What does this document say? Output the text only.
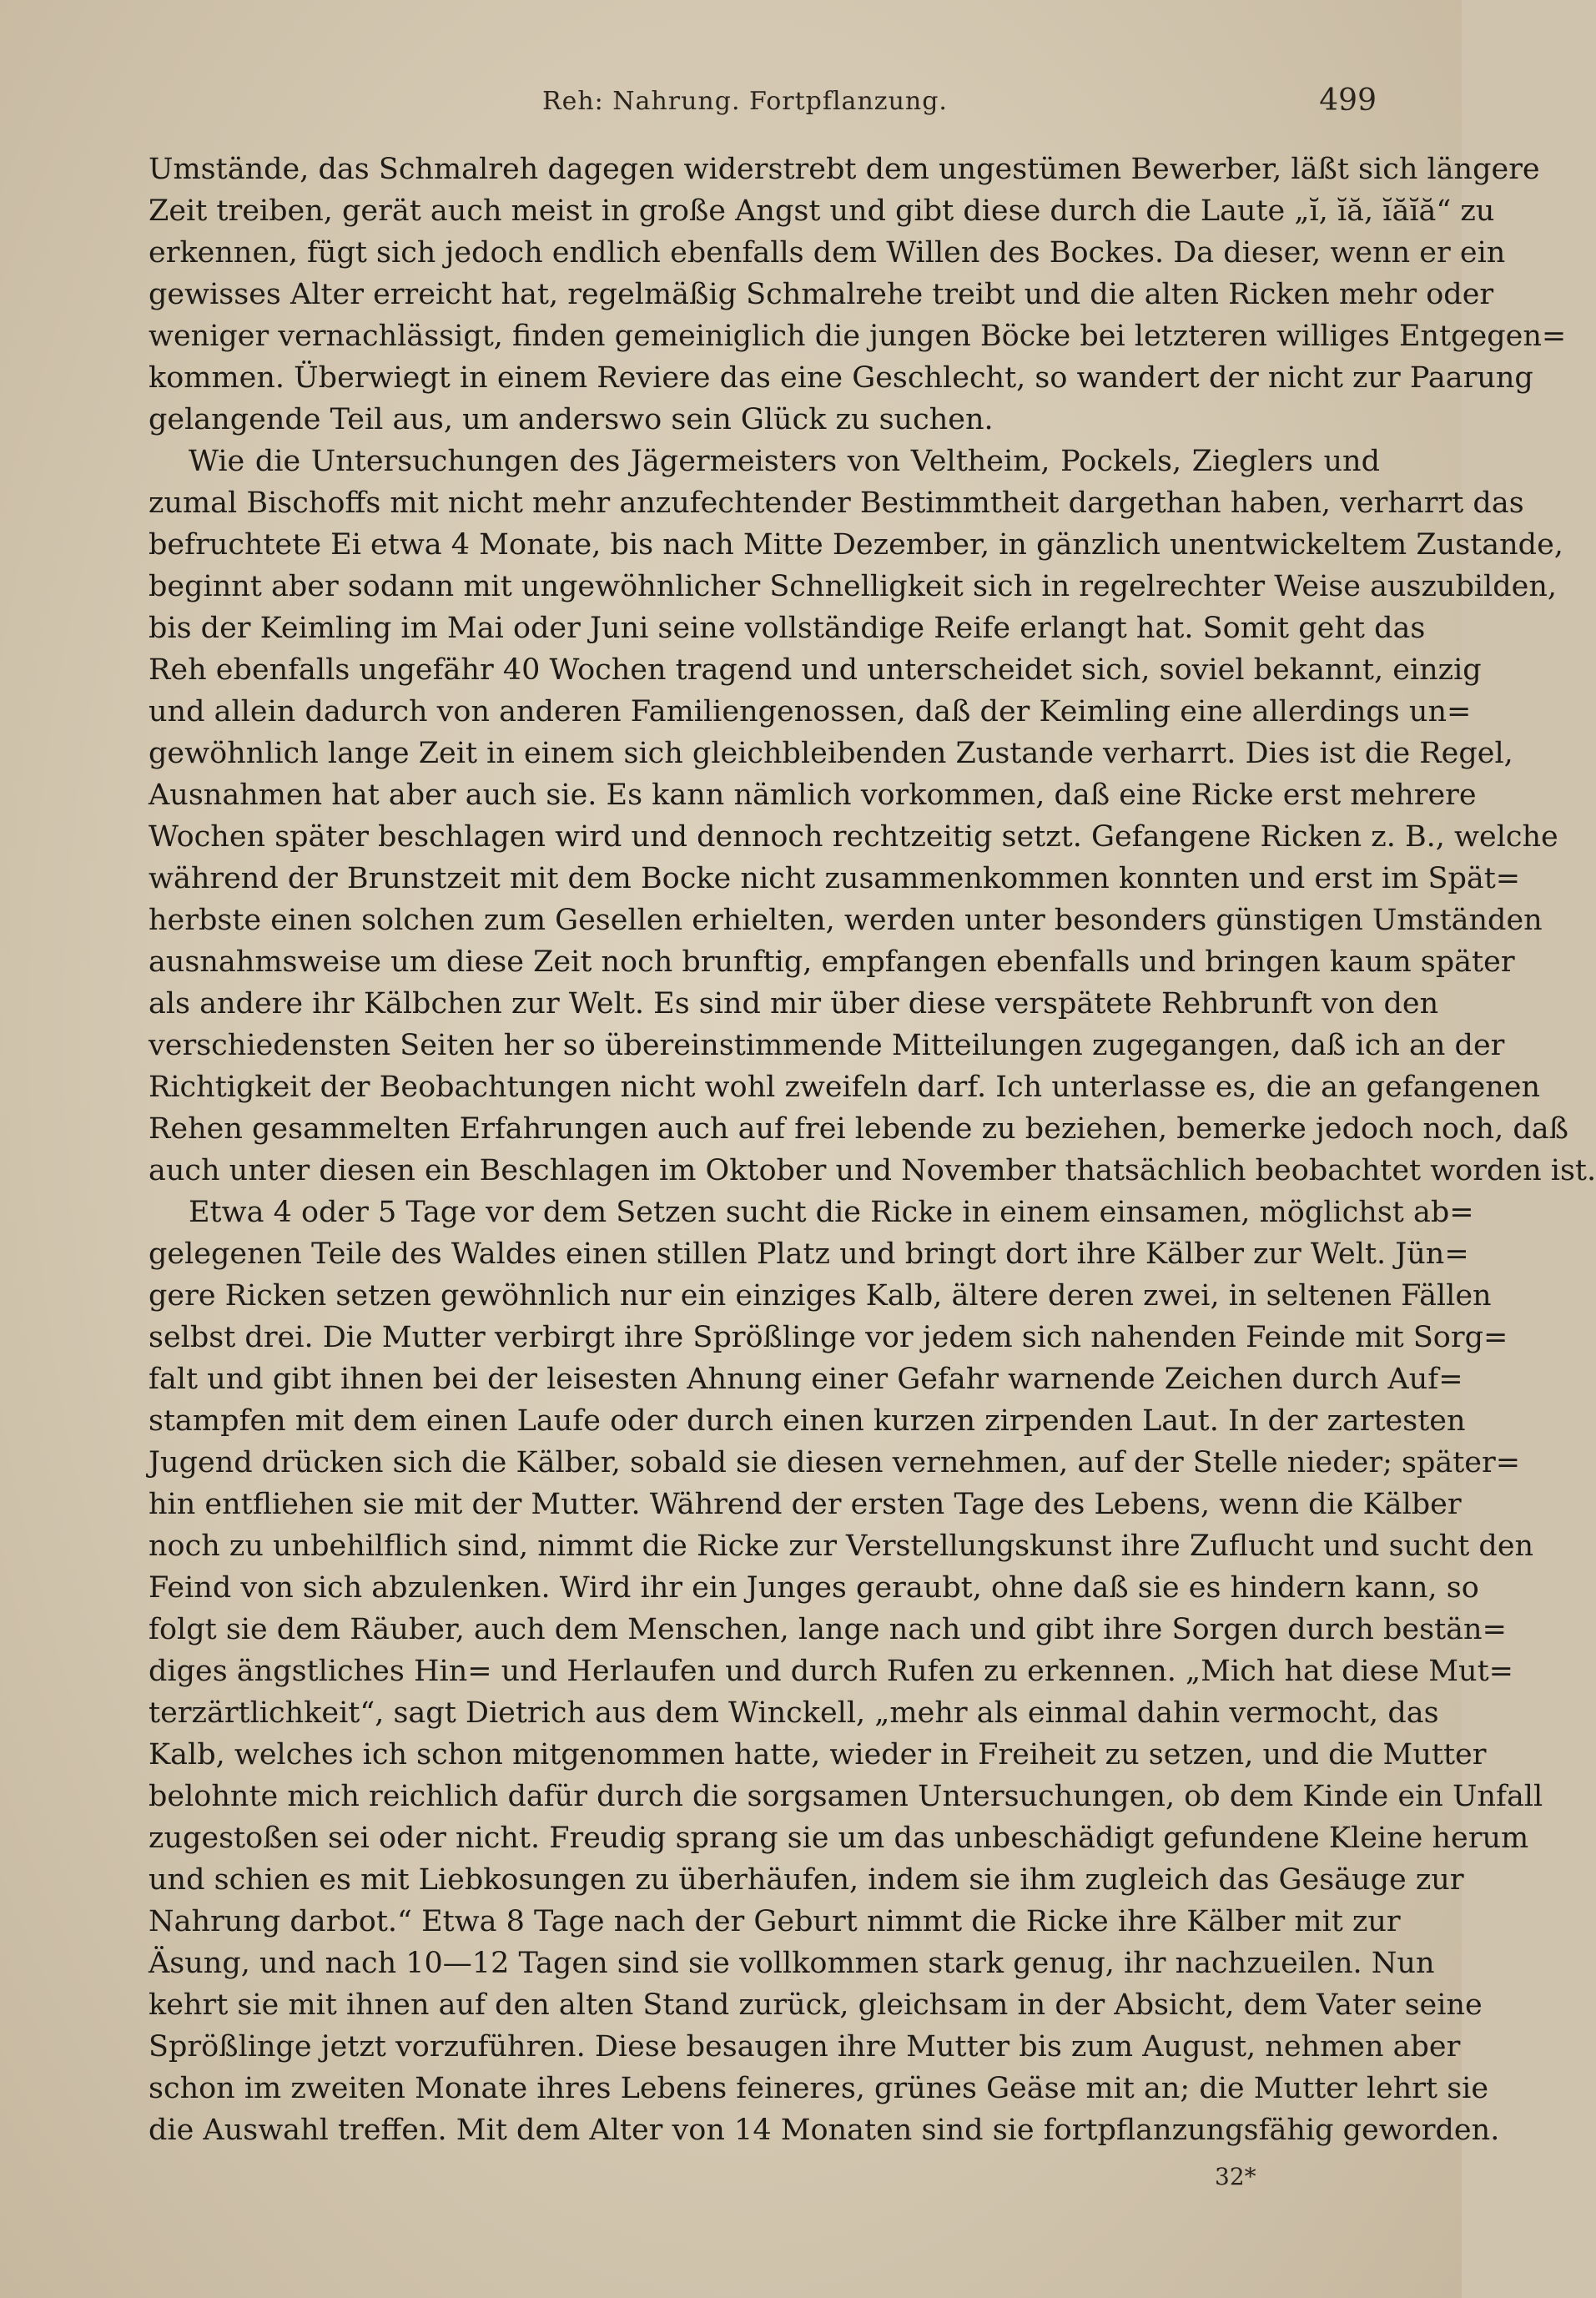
Reh: Nahrung. Fortpflanzung.	499
Umstände, das Schmalreh dagegen widerstrebt dem ungestümen Bewerber, läßt sich längere
Zeit treiben, gerät auch meist in große Angst und gibt diese durch die Laute „ĭ, ĭă, ĭăĭă“ zu
erkennen, fügt sich jedoch endlich ebenfalls dem Willen des Bockes. Da dieser, wenn er ein
gewisses Alter erreicht hat, regelmäßig Schmalrehe treibt und die alten Ricken mehr oder
weniger vernachlässigt, finden gemeiniglich die jungen Böcke bei letzteren williges Entgegen=
kommen. Überwiegt in einem Reviere das eine Geschlecht, so wandert der nicht zur Paarung
gelangende Teil aus, um anderswo sein Glück zu suchen.
Wie die Untersuchungen des Jägermeisters von Veltheim, Pockels, Zieglers und
zumal Bischoffs mit nicht mehr anzufechtender Bestimmtheit dargethan haben, verharrt das
befruchtete Ei etwa 4 Monate, bis nach Mitte Dezember, in gänzlich unentwickeltem Zustande,
beginnt aber sodann mit ungewöhnlicher Schnelligkeit sich in regelrechter Weise auszubilden,
bis der Keimling im Mai oder Juni seine vollständige Reife erlangt hat. Somit geht das
Reh ebenfalls ungefähr 40 Wochen tragend und unterscheidet sich, soviel bekannt, einzig
und allein dadurch von anderen Familiengenossen, daß der Keimling eine allerdings un=
gewöhnlich lange Zeit in einem sich gleichbleibenden Zustande verharrt. Dies ist die Regel,
Ausnahmen hat aber auch sie. Es kann nämlich vorkommen, daß eine Ricke erst mehrere
Wochen später beschlagen wird und dennoch rechtzeitig setzt. Gefangene Ricken z. B., welche
während der Brunstzeit mit dem Bocke nicht zusammenkommen konnten und erst im Spät=
herbste einen solchen zum Gesellen erhielten, werden unter besonders günstigen Umständen
ausnahmsweise um diese Zeit noch brunftig, empfangen ebenfalls und bringen kaum später
als andere ihr Kälbchen zur Welt. Es sind mir über diese verspätete Rehbrunft von den
verschiedensten Seiten her so übereinstimmende Mitteilungen zugegangen, daß ich an der
Richtigkeit der Beobachtungen nicht wohl zweifeln darf. Ich unterlasse es, die an gefangenen
Rehen gesammelten Erfahrungen auch auf frei lebende zu beziehen, bemerke jedoch noch, daß
auch unter diesen ein Beschlagen im Oktober und November thatsächlich beobachtet worden ist.
Etwa 4 oder 5 Tage vor dem Setzen sucht die Ricke in einem einsamen, möglichst ab=
gelegenen Teile des Waldes einen stillen Platz und bringt dort ihre Kälber zur Welt. Jün=
gere Ricken setzen gewöhnlich nur ein einziges Kalb, ältere deren zwei, in seltenen Fällen
selbst drei. Die Mutter verbirgt ihre Sprößlinge vor jedem sich nahenden Feinde mit Sorg=
falt und gibt ihnen bei der leisesten Ahnung einer Gefahr warnende Zeichen durch Auf=
stampfen mit dem einen Laufe oder durch einen kurzen zirpenden Laut. In der zartesten
Jugend drücken sich die Kälber, sobald sie diesen vernehmen, auf der Stelle nieder; später=
hin entfliehen sie mit der Mutter. Während der ersten Tage des Lebens, wenn die Kälber
noch zu unbehilflich sind, nimmt die Ricke zur Verstellungskunst ihre Zuflucht und sucht den
Feind von sich abzulenken. Wird ihr ein Junges geraubt, ohne daß sie es hindern kann, so
folgt sie dem Räuber, auch dem Menschen, lange nach und gibt ihre Sorgen durch bestän=
diges ängstliches Hin= und Herlaufen und durch Rufen zu erkennen. „Mich hat diese Mut=
terzärtlichkeit“, sagt Dietrich aus dem Winckell, „mehr als einmal dahin vermocht, das
Kalb, welches ich schon mitgenommen hatte, wieder in Freiheit zu setzen, und die Mutter
belohnte mich reichlich dafür durch die sorgsamen Untersuchungen, ob dem Kinde ein Unfall
zugestoßen sei oder nicht. Freudig sprang sie um das unbeschädigt gefundene Kleine herum
und schien es mit Liebkosungen zu überhäufen, indem sie ihm zugleich das Gesäuge zur
Nahrung darbot.“ Etwa 8 Tage nach der Geburt nimmt die Ricke ihre Kälber mit zur
Äsung, und nach 10—12 Tagen sind sie vollkommen stark genug, ihr nachzueilen. Nun
kehrt sie mit ihnen auf den alten Stand zurück, gleichsam in der Absicht, dem Vater seine
Sprößlinge jetzt vorzuführen. Diese besaugen ihre Mutter bis zum August, nehmen aber
schon im zweiten Monate ihres Lebens feineres, grünes Geäse mit an; die Mutter lehrt sie
die Auswahl treffen. Mit dem Alter von 14 Monaten sind sie fortpflanzungsfähig geworden.
32*
